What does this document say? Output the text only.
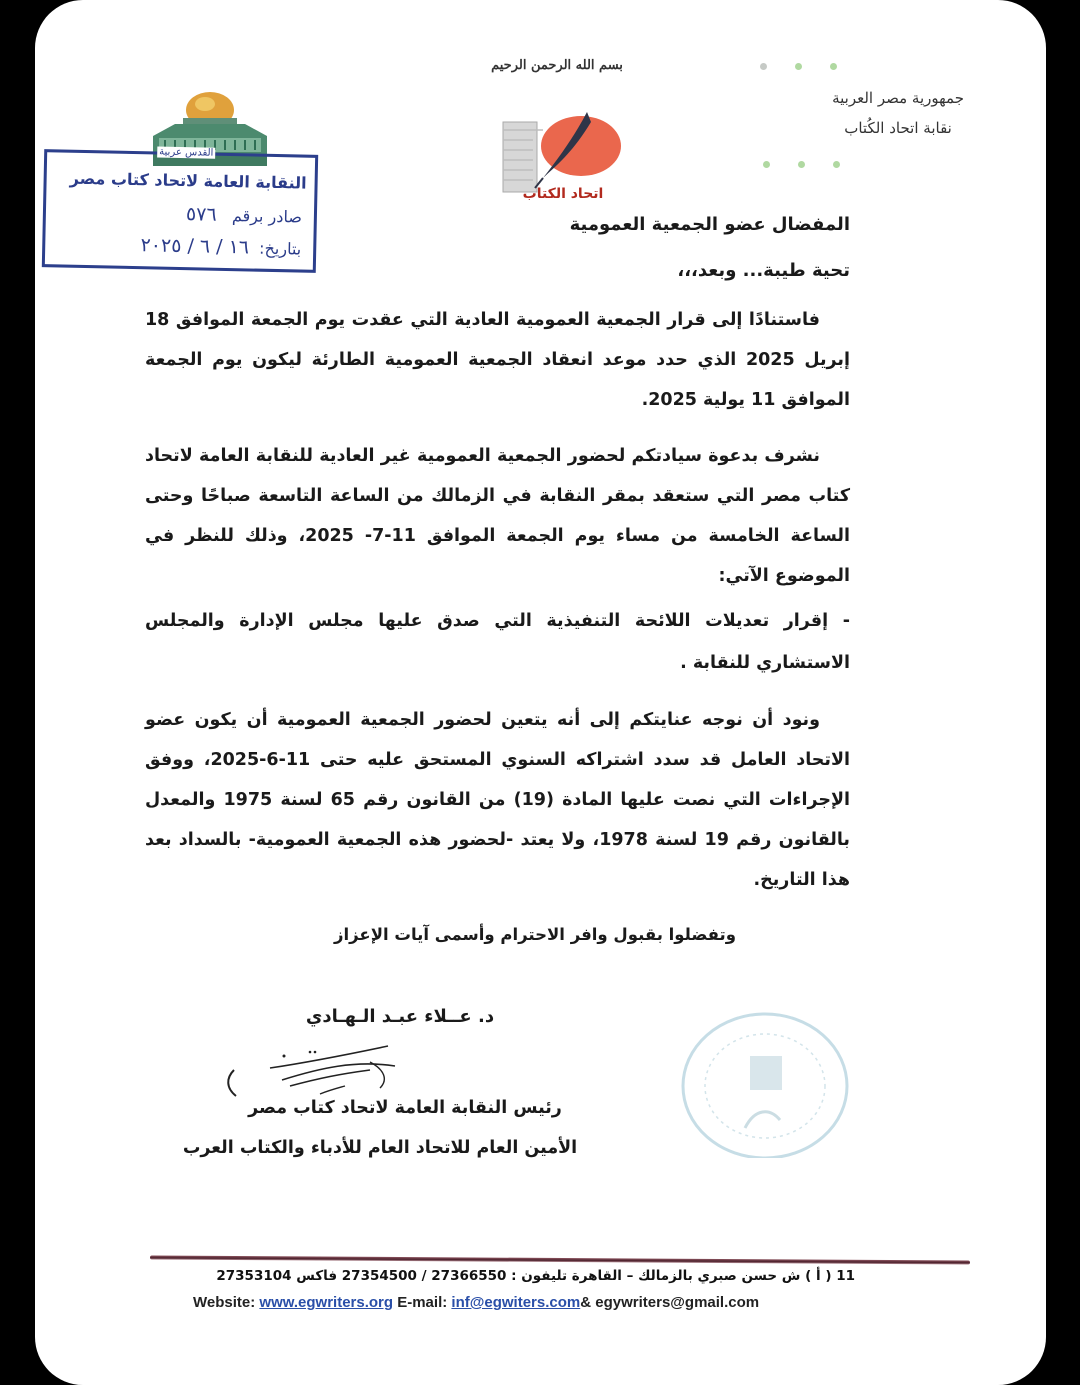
جمهورية مصر العربية
نقابة اتحاد الكُتاب
بسم الله الرحمن الرحيم
اتحاد الكتاب
القدس عربية
النقابة العامة لاتحاد كتاب مصر
صادر برقم   ٥٧٦
بتاريخ:  ١٦ / ٦ / ٢٠٢٥

المفضال عضو الجمعية العمومية

تحية طيبة... وبعد،،،

فاستنادًا إلى قرار الجمعية العمومية العادية التي عقدت يوم الجمعة الموافق 18 إبريل 2025 الذي حدد موعد انعقاد الجمعية العمومية الطارئة ليكون يوم الجمعة الموافق 11 يولية 2025.

نشرف بدعوة سيادتكم لحضور الجمعية العمومية غير العادية للنقابة العامة لاتحاد كتاب مصر التي ستعقد بمقر النقابة في الزمالك من الساعة التاسعة صباحًا وحتى الساعة الخامسة من مساء يوم الجمعة الموافق 11-7- 2025، وذلك للنظر في الموضوع الآتي:

- إقرار تعديلات اللائحة التنفيذية التي صدق عليها مجلس الإدارة والمجلس الاستشاري للنقابة .

ونود أن نوجه عنايتكم إلى أنه يتعين لحضور الجمعية العمومية أن يكون عضو الاتحاد العامل قد سدد اشتراكه السنوي المستحق عليه حتى 11-6-2025، ووفق الإجراءات التي نصت عليها المادة (19) من القانون رقم 65 لسنة 1975 والمعدل بالقانون رقم 19 لسنة 1978، ولا يعتد -لحضور هذه الجمعية العمومية- بالسداد بعد هذا التاريخ.

وتفضلوا بقبول وافر الاحترام وأسمى آيات الإعزاز
د. عــلاء عبـد الـهـادي
رئيس النقابة العامة لاتحاد كتاب مصر
الأمين العام للاتحاد العام للأدباء والكتاب العرب
11 ( أ ) ش حسن صبري بالزمالك – القاهرة تليفون : 27366550 / 27354500 فاكس 27353104
Website: www.egwriters.org E-mail: inf@egwiters.com& egywriters@gmail.com
